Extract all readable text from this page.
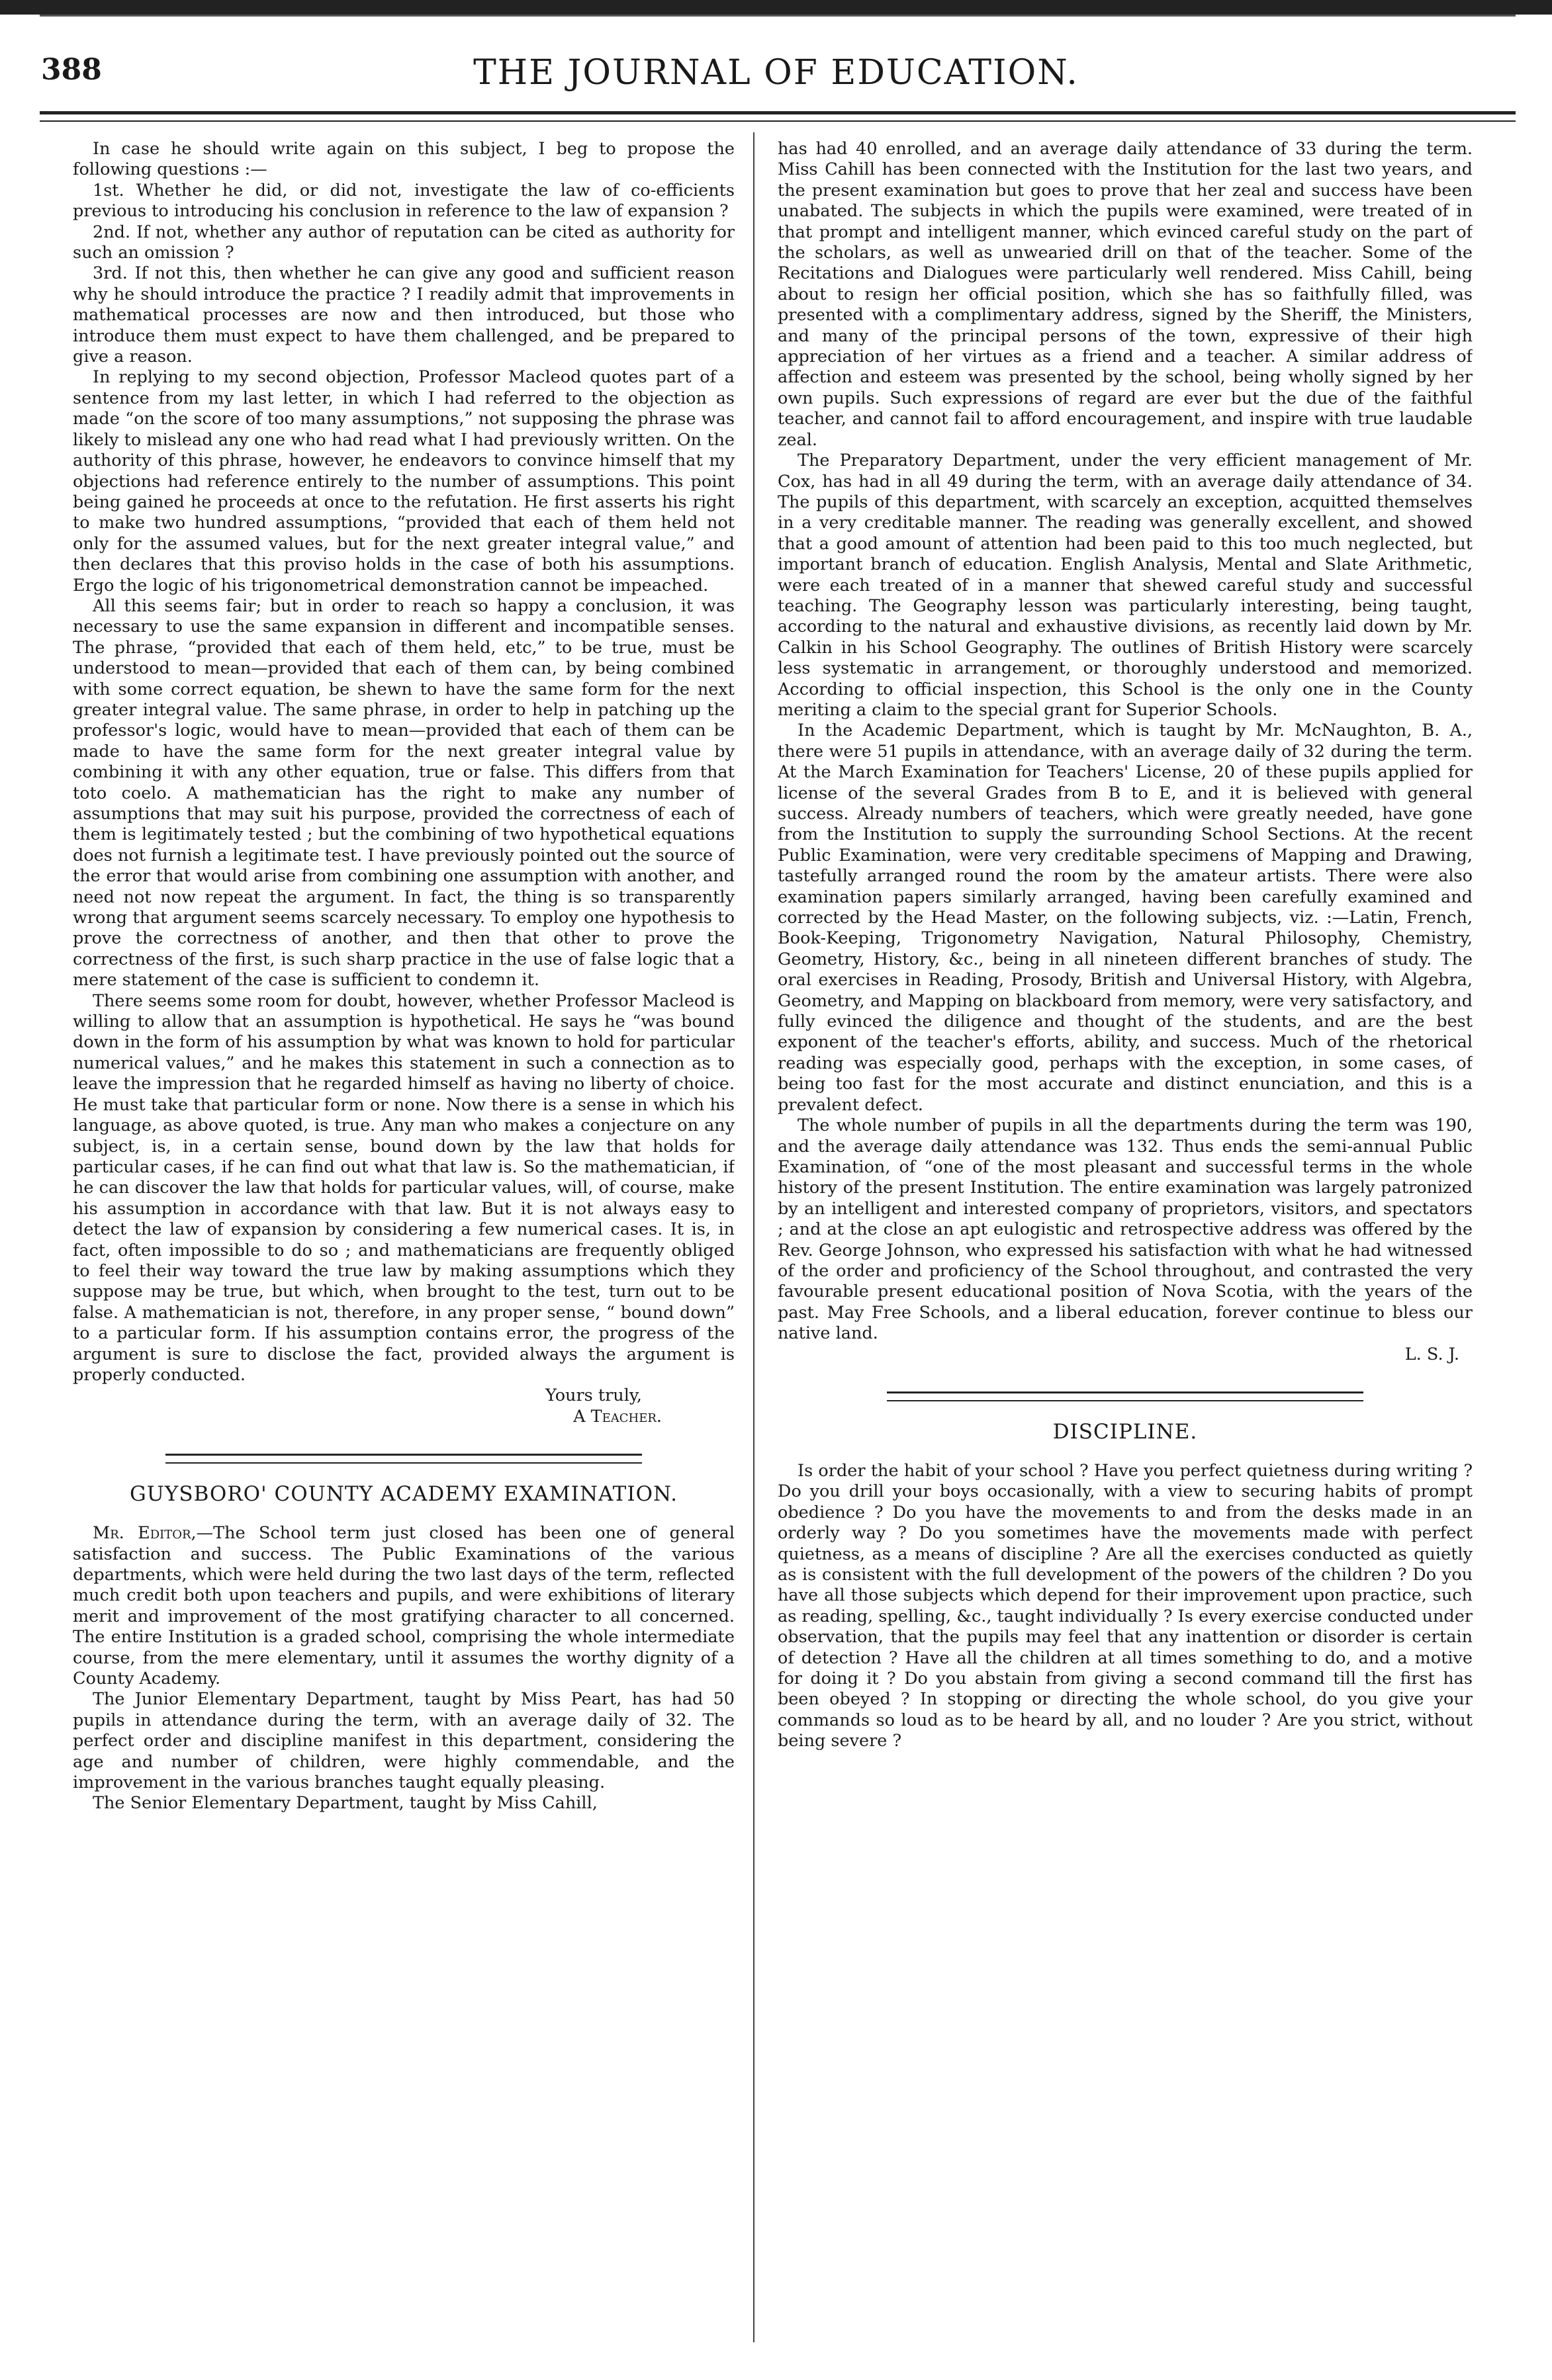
388	THE JOURNAL OF EDUCATION.

In case he should write again on this subject, I beg to propose the following questions :—

1st. Whether he did, or did not, investigate the law of co-efficients previous to introducing his conclusion in reference to the law of expansion ?

2nd. If not, whether any author of reputation can be cited as authority for such an omission ?

3rd. If not this, then whether he can give any good and sufficient reason why he should introduce the practice ? I readily admit that improvements in mathematical processes are now and then introduced, but those who introduce them must expect to have them challenged, and be prepared to give a reason.

In replying to my second objection, Professor Macleod quotes part of a sentence from my last letter, in which I had referred to the objection as made “on the score of too many assumptions,” not supposing the phrase was likely to mislead any one who had read what I had previously written. On the authority of this phrase, however, he endeavors to convince himself that my objections had reference entirely to the number of assumptions. This point being gained he proceeds at once to the refutation. He first asserts his right to make two hundred assumptions, “provided that each of them held not only for the assumed values, but for the next greater integral value,” and then declares that this proviso holds in the case of both his assumptions. Ergo the logic of his trigonometrical demonstration cannot be impeached.

All this seems fair; but in order to reach so happy a conclusion, it was necessary to use the same expansion in different and incompatible senses. The phrase, “provided that each of them held, etc,” to be true, must be understood to mean—provided that each of them can, by being combined with some correct equation, be shewn to have the same form for the next greater integral value. The same phrase, in order to help in patching up the professor's logic, would have to mean—provided that each of them can be made to have the same form for the next greater integral value by combining it with any other equation, true or false. This differs from that toto coelo. A mathematician has the right to make any number of assumptions that may suit his purpose, provided the correctness of each of them is legitimately tested ; but the combining of two hypothetical equations does not furnish a legitimate test. I have previously pointed out the source of the error that would arise from combining one assumption with another, and need not now repeat the argument. In fact, the thing is so transparently wrong that argument seems scarcely necessary. To employ one hypothesis to prove the correctness of another, and then that other to prove the correctness of the first, is such sharp practice in the use of false logic that a mere statement of the case is sufficient to condemn it.

There seems some room for doubt, however, whether Professor Macleod is willing to allow that an assumption is hypothetical. He says he “was bound down in the form of his assumption by what was known to hold for particular numerical values,” and he makes this statement in such a connection as to leave the impression that he regarded himself as having no liberty of choice. He must take that particular form or none. Now there is a sense in which his language, as above quoted, is true. Any man who makes a conjecture on any subject, is, in a certain sense, bound down by the law that holds for particular cases, if he can find out what that law is. So the mathematician, if he can discover the law that holds for particular values, will, of course, make his assumption in accordance with that law. But it is not always easy to detect the law of expansion by considering a few numerical cases. It is, in fact, often impossible to do so ; and mathematicians are frequently obliged to feel their way toward the true law by making assumptions which they suppose may be true, but which, when brought to the test, turn out to be false. A mathematician is not, therefore, in any proper sense, “ bound down” to a particular form. If his assumption contains error, the progress of the argument is sure to disclose the fact, provided always the argument is properly conducted.

Yours truly,

A Teacher.

GUYSBORO' COUNTY ACADEMY EXAMINATION.

Mr. Editor,—The School term just closed has been one of general satisfaction and success. The Public Examinations of the various departments, which were held during the two last days of the term, reflected much credit both upon teachers and pupils, and were exhibitions of literary merit and improvement of the most gratifying character to all concerned. The entire Institution is a graded school, comprising the whole intermediate course, from the mere elementary, until it assumes the worthy dignity of a County Academy.

The Junior Elementary Department, taught by Miss Peart, has had 50 pupils in attendance during the term, with an average daily of 32. The perfect order and discipline manifest in this department, considering the age and number of children, were highly commendable, and the improvement in the various branches taught equally pleasing.

The Senior Elementary Department, taught by Miss Cahill,

has had 40 enrolled, and an average daily attendance of 33 during the term. Miss Cahill has been connected with the Institution for the last two years, and the present examination but goes to prove that her zeal and success have been unabated. The subjects in which the pupils were examined, were treated of in that prompt and intelligent manner, which evinced careful study on the part of the scholars, as well as unwearied drill on that of the teacher. Some of the Recitations and Dialogues were particularly well rendered. Miss Cahill, being about to resign her official position, which she has so faithfully filled, was presented with a complimentary address, signed by the Sheriff, the Ministers, and many of the principal persons of the town, expressive of their high appreciation of her virtues as a friend and a teacher. A similar address of affection and esteem was presented by the school, being wholly signed by her own pupils. Such expressions of regard are ever but the due of the faithful teacher, and cannot fail to afford encouragement, and inspire with true laudable zeal.

The Preparatory Department, under the very efficient management of Mr. Cox, has had in all 49 during the term, with an average daily attendance of 34. The pupils of this department, with scarcely an exception, acquitted themselves in a very creditable manner. The reading was generally excellent, and showed that a good amount of attention had been paid to this too much neglected, but important branch of education. English Analysis, Mental and Slate Arithmetic, were each treated of in a manner that shewed careful study and successful teaching. The Geography lesson was particularly interesting, being taught, according to the natural and exhaustive divisions, as recently laid down by Mr. Calkin in his School Geography. The outlines of British History were scarcely less systematic in arrangement, or thoroughly understood and memorized. According to official inspection, this School is the only one in the County meriting a claim to the special grant for Superior Schools.

In the Academic Department, which is taught by Mr. McNaughton, B. A., there were 51 pupils in attendance, with an average daily of 32 during the term. At the March Examination for Teachers' License, 20 of these pupils applied for license of the several Grades from B to E, and it is believed with general success. Already numbers of teachers, which were greatly needed, have gone from the Institution to supply the surrounding School Sections. At the recent Public Examination, were very creditable specimens of Mapping and Drawing, tastefully arranged round the room by the amateur artists. There were also examination papers similarly arranged, having been carefully examined and corrected by the Head Master, on the following subjects, viz. :—Latin, French, Book-Keeping, Trigonometry Navigation, Natural Philosophy, Chemistry, Geometry, History, &c., being in all nineteen different branches of study. The oral exercises in Reading, Prosody, British and Universal History, with Algebra, Geometry, and Mapping on blackboard from memory, were very satisfactory, and fully evinced the diligence and thought of the students, and are the best exponent of the teacher's efforts, ability, and success. Much of the rhetorical reading was especially good, perhaps with the exception, in some cases, of being too fast for the most accurate and distinct enunciation, and this is a prevalent defect.

The whole number of pupils in all the departments during the term was 190, and the average daily attendance was 132. Thus ends the semi-annual Public Examination, of “one of the most pleasant and successful terms in the whole history of the present Institution. The entire examination was largely patronized by an intelligent and interested company of proprietors, visitors, and spectators ; and at the close an apt eulogistic and retrospective address was offered by the Rev. George Johnson, who expressed his satisfaction with what he had witnessed of the order and proficiency of the School throughout, and contrasted the very favourable present educational position of Nova Scotia, with the years of the past. May Free Schools, and a liberal education, forever continue to bless our native land.

L. S. J.

DISCIPLINE.

Is order the habit of your school ? Have you perfect quietness during writing ? Do you drill your boys occasionally, with a view to securing habits of prompt obedience ? Do you have the movements to and from the desks made in an orderly way ? Do you sometimes have the movements made with perfect quietness, as a means of discipline ? Are all the exercises conducted as quietly as is consistent with the full development of the powers of the children ? Do you have all those subjects which depend for their improvement upon practice, such as reading, spelling, &c., taught individually ? Is every exercise conducted under observation, that the pupils may feel that any inattention or disorder is certain of detection ? Have all the children at all times something to do, and a motive for doing it ? Do you abstain from giving a second command till the first has been obeyed ? In stopping or directing the whole school, do you give your commands so loud as to be heard by all, and no louder ? Are you strict, without being severe ?
